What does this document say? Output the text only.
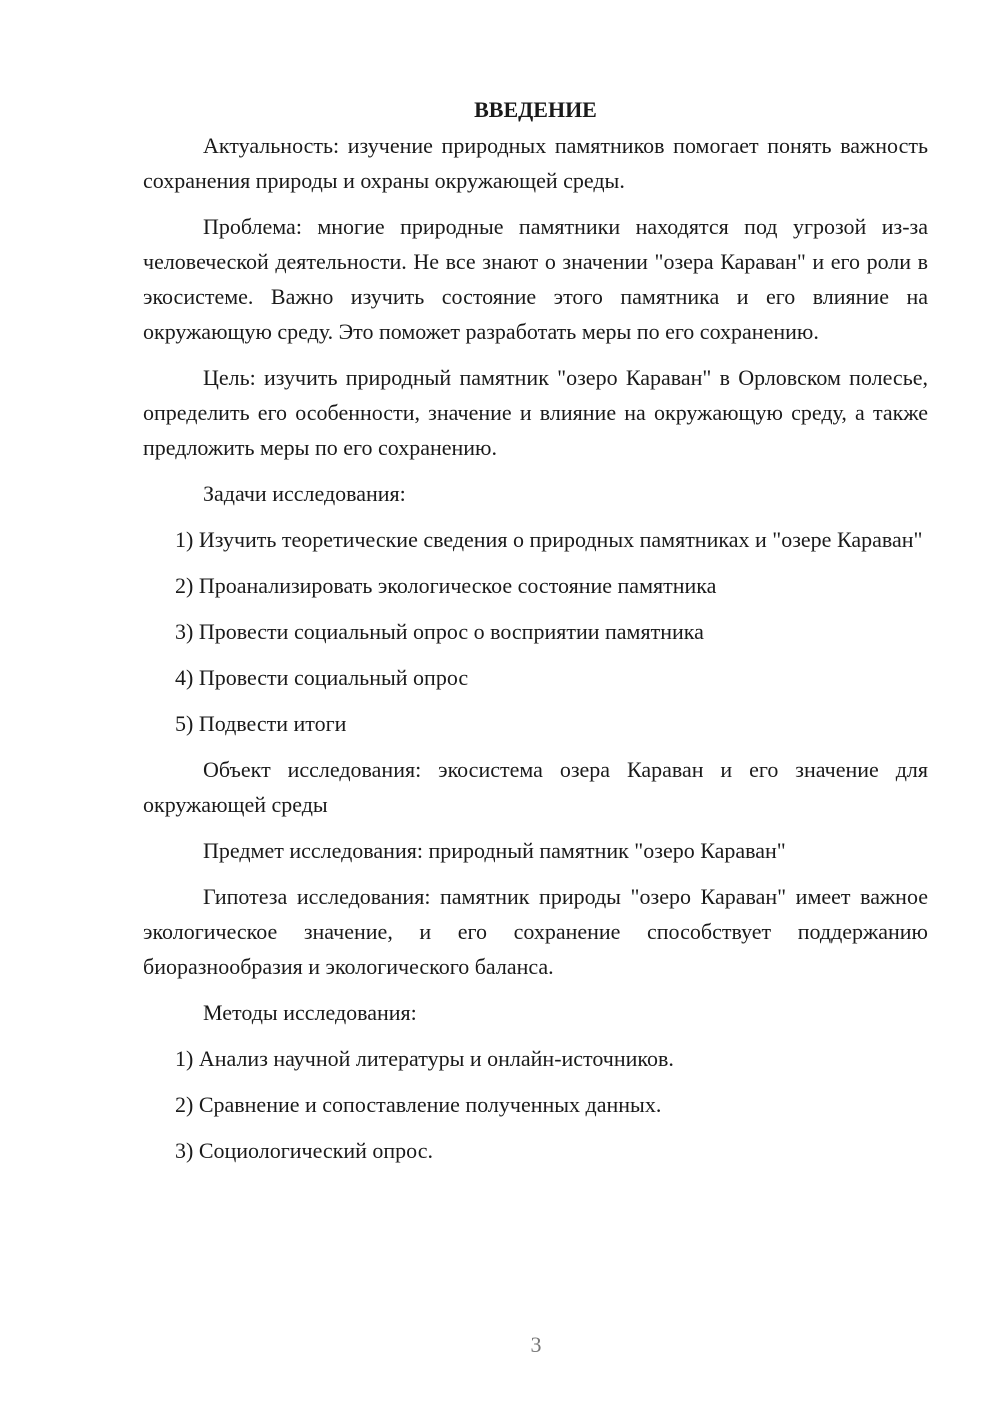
ВВЕДЕНИЕ

Актуальность: изучение природных памятников помогает понять важность сохранения природы и охраны окружающей среды.

Проблема: многие природные памятники находятся под угрозой из-за человеческой деятельности. Не все знают о значении "озера Караван" и его роли в экосистеме. Важно изучить состояние этого памятника и его влияние на окружающую среду. Это поможет разработать меры по его сохранению.

Цель: изучить природный памятник "озеро Караван" в Орловском полесье, определить его особенности, значение и влияние на окружающую среду, а также предложить меры по его сохранению.

Задачи исследования:

1) Изучить теоретические сведения о природных памятниках и "озере Караван"

2) Проанализировать экологическое состояние памятника

3) Провести социальный опрос о восприятии памятника

4) Провести социальный опрос

5) Подвести итоги

Объект исследования: экосистема озера Караван и его значение для окружающей среды

Предмет исследования: природный памятник "озеро Караван"

Гипотеза исследования: памятник природы "озеро Караван" имеет важное экологическое значение, и его сохранение способствует поддержанию биоразнообразия и экологического баланса.

Методы исследования:

1) Анализ научной литературы и онлайн-источников.

2) Сравнение и сопоставление полученных данных.

3) Социологический опрос.

3
